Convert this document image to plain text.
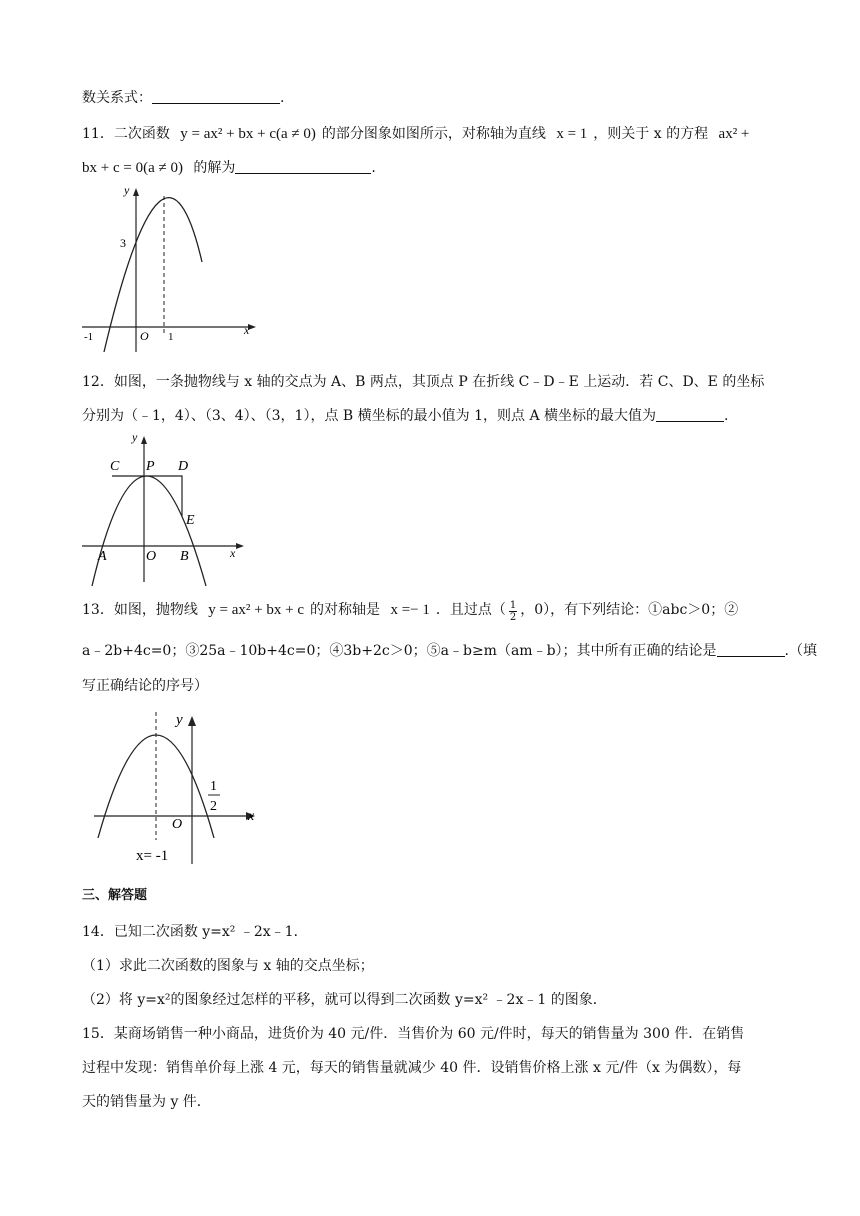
数关系式：	.
11．二次函数 y = ax² + bx + c(a ≠ 0) 的部分图象如图所示，对称轴为直线 x = 1 ，则关于 x 的方程 ax² +
bx + c = 0(a ≠ 0) 的解为	.
y
x
3
-1	O 1
12．如图，一条抛物线与 x 轴的交点为 A、B 两点，其顶点 P 在折线 C﹣D﹣E 上运动．若 C、D、E 的坐标
分别为（﹣1，4）、（3、4）、（3，1），点 B 横坐标的最小值为 1，则点 A 横坐标的最大值为	.
y
x
C P D
E
A	O B
13．如图，抛物线 y = ax² + bx + c 的对称轴是 x =− 1 ．且过点（ $\frac{1}{2}$ ，0），有下列结论：①abc＞0；②
a﹣2b+4c=0；③25a﹣10b+4c=0；④3b+2c＞0；⑤a﹣b≥m（am﹣b）；其中所有正确的结论是	.（填
写正确结论的序号）
y
x
O
1
2
x= -1
三、解答题
14．已知二次函数 y=x² ﹣2x﹣1．
（1）求此二次函数的图象与 x 轴的交点坐标；
（2）将 y=x²的图象经过怎样的平移，就可以得到二次函数 y=x² ﹣2x﹣1 的图象．
15．某商场销售一种小商品，进货价为 40 元/件．当售价为 60 元/件时，每天的销售量为 300 件．在销售
过程中发现：销售单价每上涨 4 元，每天的销售量就减少 40 件．设销售价格上涨 x 元/件（x 为偶数），每
天的销售量为 y 件．
